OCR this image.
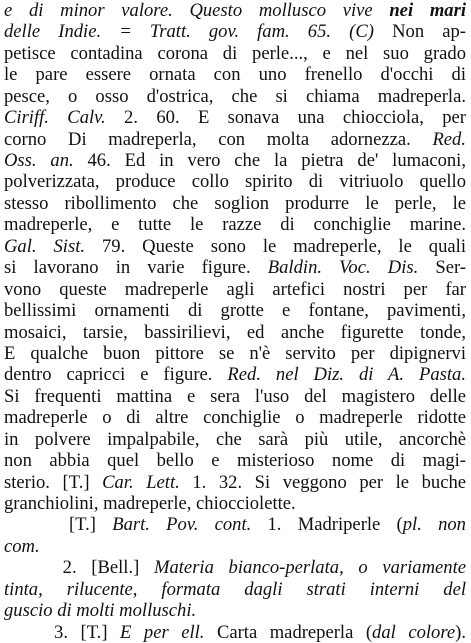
e di minor valore. Questo mollusco vive nei mari
delle Indie. = Tratt. gov. fam. 65. (C) Non ap-
petisce contadina corona di perle..., e nel suo grado
le pare essere ornata con uno frenello d'occhi di
pesce, o osso d'ostrica, che si chiama madreperla.
Ciriff. Calv. 2. 60. E sonava una chiocciola, per
corno Di madreperla, con molta adornezza. Red.
Oss. an. 46. Ed in vero che la pietra de' lumaconi,
polverizzata, produce collo spirito di vitriuolo quello
stesso ribollimento che soglion produrre le perle, le
madreperle, e tutte le razze di conchiglie marine.
Gal. Sist. 79. Queste sono le madreperle, le quali
si lavorano in varie figure. Baldin. Voc. Dis. Ser-
vono queste madreperle agli artefici nostri per far
bellissimi ornamenti di grotte e fontane, pavimenti,
mosaici, tarsie, bassirilievi, ed anche figurette tonde,
E qualche buon pittore se n'è servito per dipignervi
dentro capricci e figure. Red. nel Diz. di A. Pasta.
Si frequenti mattina e sera l'uso del magistero delle
madreperle o di altre conchiglie o madreperle ridotte
in polvere impalpabile, che sarà più utile, ancorchè
non abbia quel bello e misterioso nome di magi-
sterio. [T.] Car. Lett. 1. 32. Si veggono per le buche
granchiolini, madreperle, chiocciolette.
[T.] Bart. Pov. cont. 1. Madriperle (pl. non
com.
2. [Bell.] Materia bianco-perlata, o variamente
tinta, rilucente, formata dagli strati interni del
guscio di molti molluschi.
3. [T.] E per ell. Carta madreperla (dal colore).
